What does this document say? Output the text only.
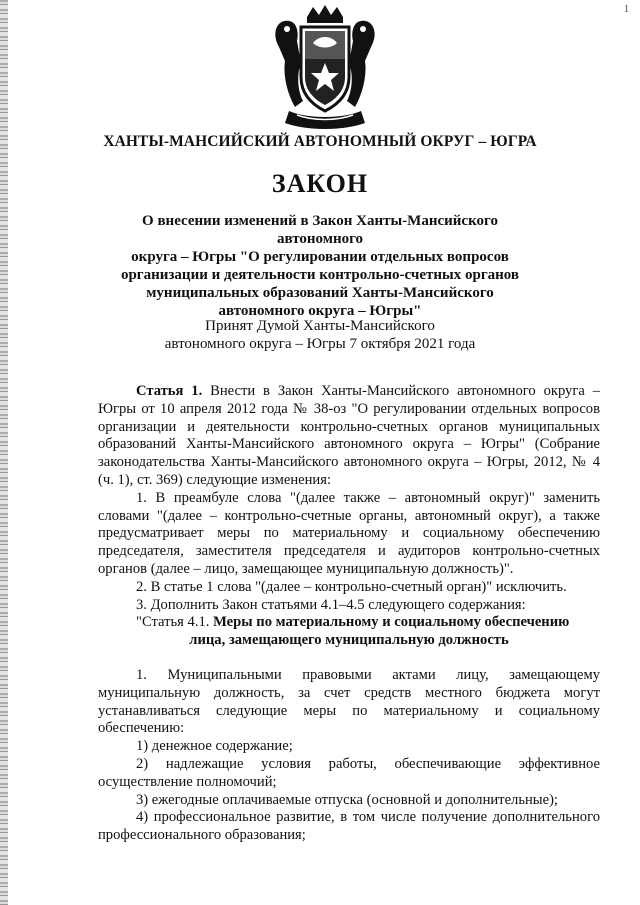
1
ХАНТЫ-МАНСИЙСКИЙ АВТОНОМНЫЙ ОКРУГ – ЮГРА
ЗАКОН
О внесении изменений в Закон Ханты-Мансийского автономного
округа – Югры "О регулировании отдельных вопросов
организации и деятельности контрольно-счетных органов
муниципальных образований Ханты-Мансийского
автономного округа – Югры"
Принят Думой Ханты-Мансийского
автономного округа – Югры 7 октября 2021 года

Статья 1. Внести в Закон Ханты-Мансийского автономного округа – Югры от 10 апреля 2012 года № 38-оз "О регулировании отдельных вопросов организации и деятельности контрольно-счетных органов муниципальных образований Ханты-Мансийского автономного округа – Югры" (Собрание законодательства Ханты-Мансийского автономного округа – Югры, 2012, № 4 (ч. 1), ст. 369) следующие изменения:

1. В преамбуле слова "(далее также – автономный округ)" заменить словами "(далее – контрольно-счетные органы, автономный округ), а также предусматривает меры по материальному и социальному обеспечению председателя, заместителя председателя и аудиторов контрольно-счетных органов (далее – лицо, замещающее муниципальную должность)".

2. В статье 1 слова "(далее – контрольно-счетный орган)" исключить.

3. Дополнить Закон статьями 4.1–4.5 следующего содержания:

"Статья 4.1. Меры по материальному и социальному обеспечению

лица, замещающего муниципальную должность

1. Муниципальными правовыми актами лицу, замещающему муниципальную должность, за счет средств местного бюджета могут устанавливаться следующие меры по материальному и социальному обеспечению:

1) денежное содержание;

2) надлежащие условия работы, обеспечивающие эффективное осуществление полномочий;

3) ежегодные оплачиваемые отпуска (основной и дополнительные);

4) профессиональное развитие, в том числе получение дополнительного профессионального образования;
